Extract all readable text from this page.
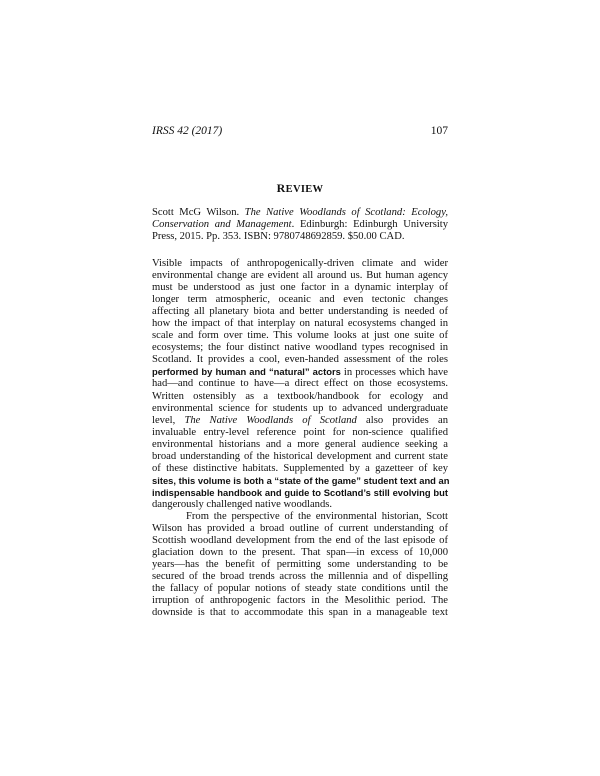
IRSS 42 (2017)	107
REVIEW
Scott McG Wilson. The Native Woodlands of Scotland: Ecology,
Conservation and Management. Edinburgh: Edinburgh University
Press, 2015. Pp. 353. ISBN: 9780748692859. $50.00 CAD.
Visible impacts of anthropogenically-driven climate and wider
environmental change are evident all around us. But human agency
must be understood as just one factor in a dynamic interplay of
longer term atmospheric, oceanic and even tectonic changes
affecting all planetary biota and better understanding is needed of
how the impact of that interplay on natural ecosystems changed in
scale and form over time. This volume looks at just one suite of
ecosystems; the four distinct native woodland types recognised in
Scotland. It provides a cool, even-handed assessment of the roles
performed by human and “natural” actors in processes which have
had—and continue to have—a direct effect on those ecosystems.
Written ostensibly as a textbook/handbook for ecology and
environmental science for students up to advanced undergraduate
level, The Native Woodlands of Scotland also provides an
invaluable entry-level reference point for non-science qualified
environmental historians and a more general audience seeking a
broad understanding of the historical development and current state
of these distinctive habitats. Supplemented by a gazetteer of key
sites, this volume is both a “state of the game” student text and an
indispensable handbook and guide to Scotland’s still evolving but
dangerously challenged native woodlands.
From the perspective of the environmental historian, Scott
Wilson has provided a broad outline of current understanding of
Scottish woodland development from the end of the last episode of
glaciation down to the present. That span—in excess of 10,000
years—has the benefit of permitting some understanding to be
secured of the broad trends across the millennia and of dispelling
the fallacy of popular notions of steady state conditions until the
irruption of anthropogenic factors in the Mesolithic period. The
downside is that to accommodate this span in a manageable text
